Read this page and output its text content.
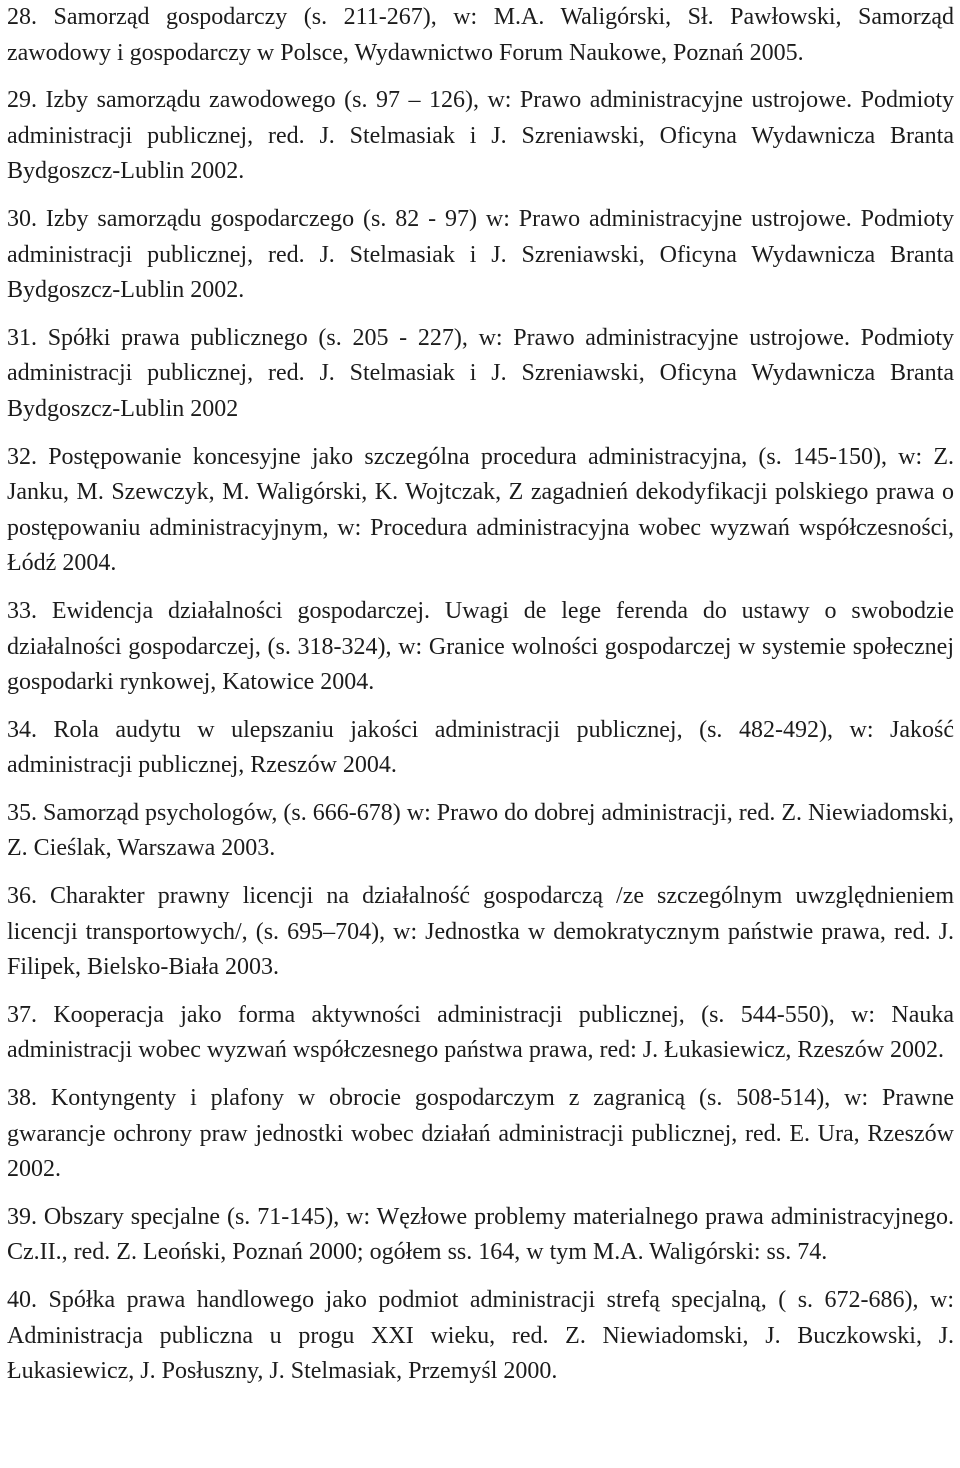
28. Samorząd gospodarczy (s. 211-267), w: M.A. Waligórski, Sł. Pawłowski, Samorząd zawodowy i gospodarczy w Polsce, Wydawnictwo Forum Naukowe, Poznań 2005.

29. Izby samorządu zawodowego (s. 97 – 126), w: Prawo administracyjne ustrojowe. Podmioty administracji publicznej, red. J. Stelmasiak i J. Szreniawski, Oficyna Wydawnicza Branta Bydgoszcz-Lublin 2002.

30. Izby samorządu gospodarczego (s. 82 - 97) w: Prawo administracyjne ustrojowe. Podmioty administracji publicznej, red. J. Stelmasiak i J. Szreniawski, Oficyna Wydawnicza Branta Bydgoszcz-Lublin 2002.

31. Spółki prawa publicznego (s. 205 - 227), w: Prawo administracyjne ustrojowe. Podmioty administracji publicznej, red. J. Stelmasiak i J. Szreniawski, Oficyna Wydawnicza Branta Bydgoszcz-Lublin 2002

32. Postępowanie koncesyjne jako szczególna procedura administracyjna, (s. 145-150), w: Z. Janku, M. Szewczyk, M. Waligórski, K. Wojtczak, Z zagadnień dekodyfikacji polskiego prawa o postępowaniu administracyjnym, w: Procedura administracyjna wobec wyzwań współczesności, Łódź 2004.

33. Ewidencja działalności gospodarczej. Uwagi de lege ferenda do ustawy o swobodzie działalności gospodarczej, (s. 318-324), w: Granice wolności gospodarczej w systemie społecznej gospodarki rynkowej, Katowice 2004.

34. Rola audytu w ulepszaniu jakości administracji publicznej, (s. 482-492), w: Jakość administracji publicznej, Rzeszów 2004.

35. Samorząd psychologów, (s. 666-678) w: Prawo do dobrej administracji, red. Z. Niewiadomski, Z. Cieślak, Warszawa 2003.

36. Charakter prawny licencji na działalność gospodarczą /ze szczególnym uwzględnieniem licencji transportowych/, (s. 695–704), w: Jednostka w demokratycznym państwie prawa, red. J. Filipek, Bielsko-Biała 2003.

37. Kooperacja jako forma aktywności administracji publicznej, (s. 544-550), w: Nauka administracji wobec wyzwań współczesnego państwa prawa, red: J. Łukasiewicz, Rzeszów 2002.

38. Kontyngenty i plafony w obrocie gospodarczym z zagranicą (s. 508-514), w: Prawne gwarancje ochrony praw jednostki wobec działań administracji publicznej, red. E. Ura, Rzeszów 2002.

39. Obszary specjalne (s. 71-145), w: Węzłowe problemy materialnego prawa administracyjnego. Cz.II., red. Z. Leoński, Poznań 2000; ogółem ss. 164, w tym M.A. Waligórski: ss. 74.

40. Spółka prawa handlowego jako podmiot administracji strefą specjalną, ( s. 672-686), w: Administracja publiczna u progu XXI wieku, red. Z. Niewiadomski, J. Buczkowski, J. Łukasiewicz, J. Posłuszny, J. Stelmasiak, Przemyśl 2000.
